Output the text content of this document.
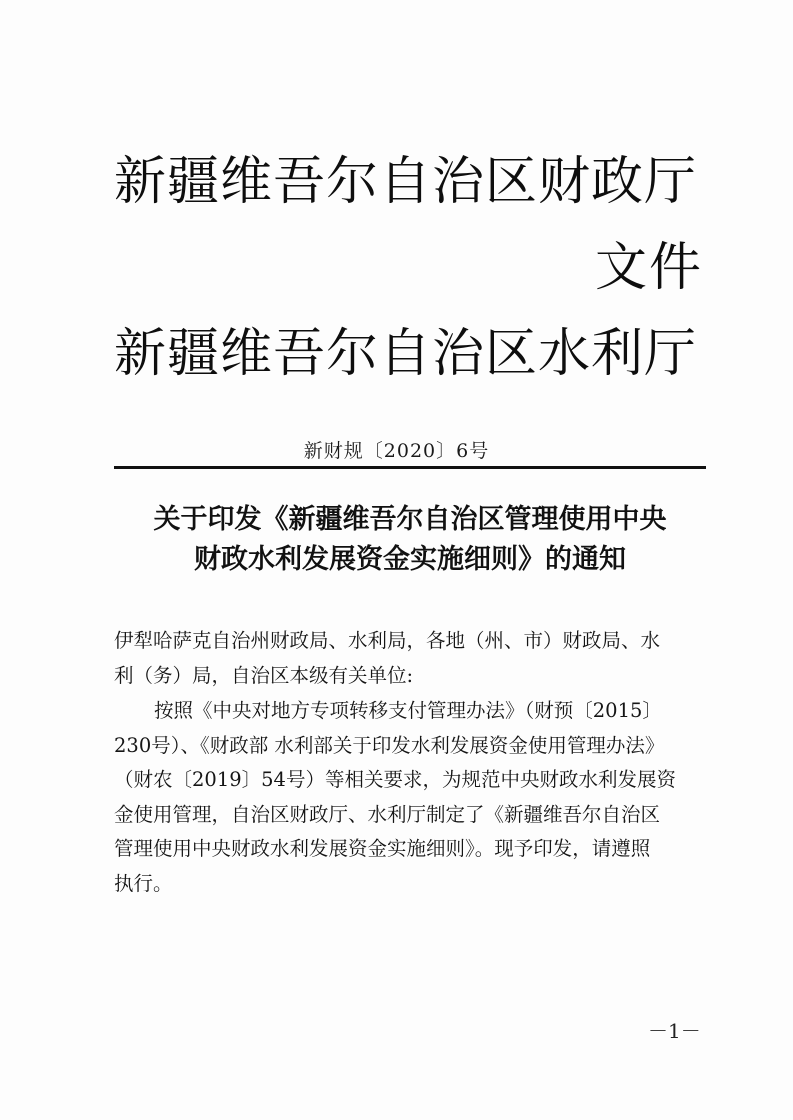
新疆维吾尔自治区财政厅
文件
新疆维吾尔自治区水利厅
新财规〔2020〕6号
关于印发《新疆维吾尔自治区管理使用中央
财政水利发展资金实施细则》的通知
伊犁哈萨克自治州财政局、水利局，各地（州、市）财政局、水
利（务）局，自治区本级有关单位:
按照《中央对地方专项转移支付管理办法》（财预〔2015〕
230号）、《财政部 水利部关于印发水利发展资金使用管理办法》
（财农〔2019〕54号）等相关要求，为规范中央财政水利发展资
金使用管理，自治区财政厅、水利厅制定了《新疆维吾尔自治区
管理使用中央财政水利发展资金实施细则》。现予印发，请遵照
执行。
－1－
